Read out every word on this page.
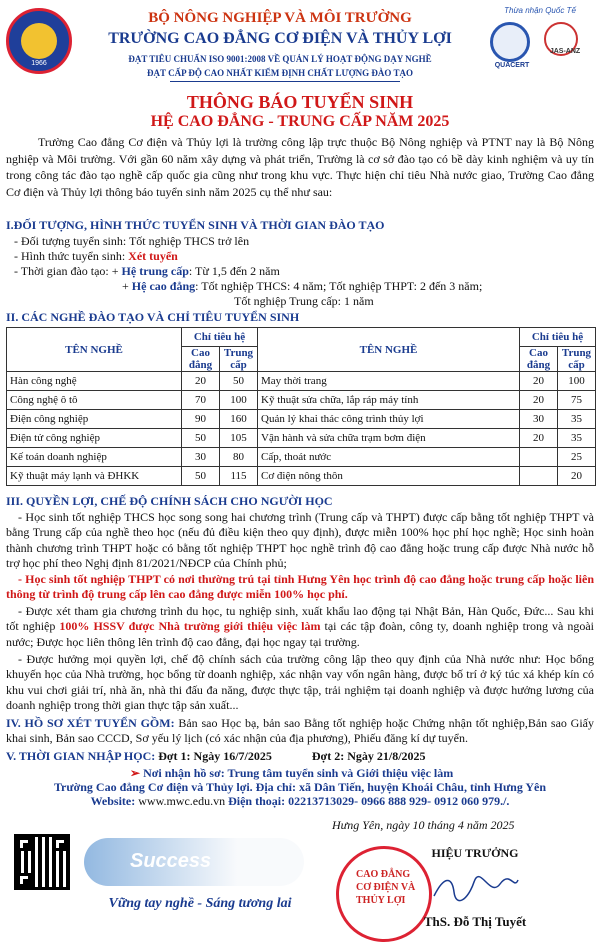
1966
BỘ NÔNG NGHIỆP VÀ MÔI TRƯỜNG
TRƯỜNG CAO ĐẲNG CƠ ĐIỆN VÀ THỦY LỢI
ĐẠT TIÊU CHUẨN ISO 9001:2008 VỀ QUẢN LÝ HOẠT ĐỘNG DẠY NGHỀ
ĐẠT CẤP ĐỘ CAO NHẤT KIỂM ĐỊNH CHẤT LƯỢNG ĐÀO TẠO
Thừa nhận Quốc Tế
QUACERT
JAS-ANZ
THÔNG BÁO TUYỂN SINH
HỆ CAO ĐẲNG - TRUNG CẤP NĂM 2025
Trường Cao đẳng Cơ điện và Thủy lợi là trường công lập trực thuộc Bộ Nông nghiệp và PTNT nay là Bộ Nông nghiệp và Môi trường. Với gần 60 năm xây dựng và phát triển, Trường là cơ sở đào tạo có bề dày kinh nghiệm và uy tín trong công tác đào tạo nghề cấp quốc gia cũng như trong khu vực. Thực hiện chỉ tiêu Nhà nước giao, Trường Cao đẳng Cơ điện và Thủy lợi thông báo tuyển sinh năm 2025 cụ thể như sau:
I.ĐỐI TƯỢNG, HÌNH THỨC TUYỂN SINH VÀ THỜI GIAN ĐÀO TẠO
- Đối tượng tuyển sinh: Tốt nghiệp THCS trở lên
- Hình thức tuyển sinh: Xét tuyển
- Thời gian đào tạo: + Hệ trung cấp: Từ 1,5 đến 2 năm
+ Hệ cao đẳng: Tốt nghiệp THCS: 4 năm; Tốt nghiệp THPT: 2 đến 3 năm;
Tốt nghiệp Trung cấp: 1 năm
II. CÁC NGHỀ ĐÀO TẠO VÀ CHỈ TIÊU TUYỂN SINH
TÊN NGHỀ	Chỉ tiêu hệ		TÊN NGHỀ	Chỉ tiêu hệ	
	Cao đẳng	Trung cấp		Cao đẳng	Trung cấp
Hàn công nghệ	20	50	May thời trang	20	100
Công nghệ ô tô	70	100	Kỹ thuật sửa chữa, lắp ráp máy tính	20	75
Điện công nghiệp	90	160	Quản lý khai thác công trình thủy lợi	30	35
Điện tử công nghiệp	50	105	Vận hành và sửa chữa trạm bơm điện	20	35
Kế toán doanh nghiệp	30	80	Cấp, thoát nước		25
Kỹ thuật máy lạnh và ĐHKK	50	115	Cơ điện nông thôn		20
III. QUYỀN LỢI, CHẾ ĐỘ CHÍNH SÁCH CHO NGƯỜI HỌC
- Học sinh tốt nghiệp THCS học song song hai chương trình (Trung cấp và THPT) được cấp bằng tốt nghiệp THPT và bằng Trung cấp của nghề theo học (nếu đủ điều kiện theo quy định), được miễn 100% học phí học nghề; Học sinh hoàn thành chương trình THPT hoặc có bằng tốt nghiệp THPT học nghề trình độ cao đẳng hoặc trung cấp được Nhà nước hỗ trợ học phí theo Nghị định 81/2021/NĐCP của Chính phủ;
- Học sinh tốt nghiệp THPT có nơi thường trú tại tỉnh Hưng Yên học trình độ cao đẳng hoặc trung cấp hoặc liên thông từ trình độ trung cấp lên cao đẳng được miễn 100% học phí.
- Được xét tham gia chương trình du học, tu nghiệp sinh, xuất khẩu lao động tại Nhật Bản, Hàn Quốc, Đức... Sau khi tốt nghiệp 100% HSSV được Nhà trường giới thiệu việc làm tại các tập đoàn, công ty, doanh nghiệp trong và ngoài nước; Được học liên thông lên trình độ cao đẳng, đại học ngay tại trường.
- Được hưởng mọi quyền lợi, chế độ chính sách của trường công lập theo quy định của Nhà nước như: Học bổng khuyến học của Nhà trường, học bổng từ doanh nghiệp, xác nhận vay vốn ngân hàng, được bố trí ở ký túc xá khép kín có khu vui chơi giải trí, nhà ăn, nhà thi đấu đa năng, được thực tập, trải nghiệm tại doanh nghiệp và được hưởng lương của doanh nghiệp trong thời gian thực tập sản xuất...
IV. HỒ SƠ XÉT TUYỂN GỒM: Bản sao Học bạ, bản sao Bằng tốt nghiệp hoặc Chứng nhận tốt nghiệp,Bản sao Giấy khai sinh, Bản sao CCCD, Sơ yếu lý lịch (có xác nhận của địa phương), Phiếu đăng kí dự tuyển.
V. THỜI GIAN NHẬP HỌC: Đợt 1: Ngày 16/7/2025	Đợt 2: Ngày 21/8/2025
➢ Nơi nhận hồ sơ: Trung tâm tuyển sinh và Giới thiệu việc làm
Trường Cao đẳng Cơ điện và Thủy lợi. Địa chỉ: xã Dân Tiến, huyện Khoái Châu, tỉnh Hưng Yên
Website: www.mwc.edu.vn Điện thoại: 02213713029- 0966 888 929- 0912 060 979./.
Success
Vững tay nghề - Sáng tương lai
Hưng Yên, ngày 10 tháng 4 năm 2025
CAO ĐẲNG
CƠ ĐIỆN VÀ
THỦY LỢI
HIỆU TRƯỞNG
ThS. Đỗ Thị Tuyết
